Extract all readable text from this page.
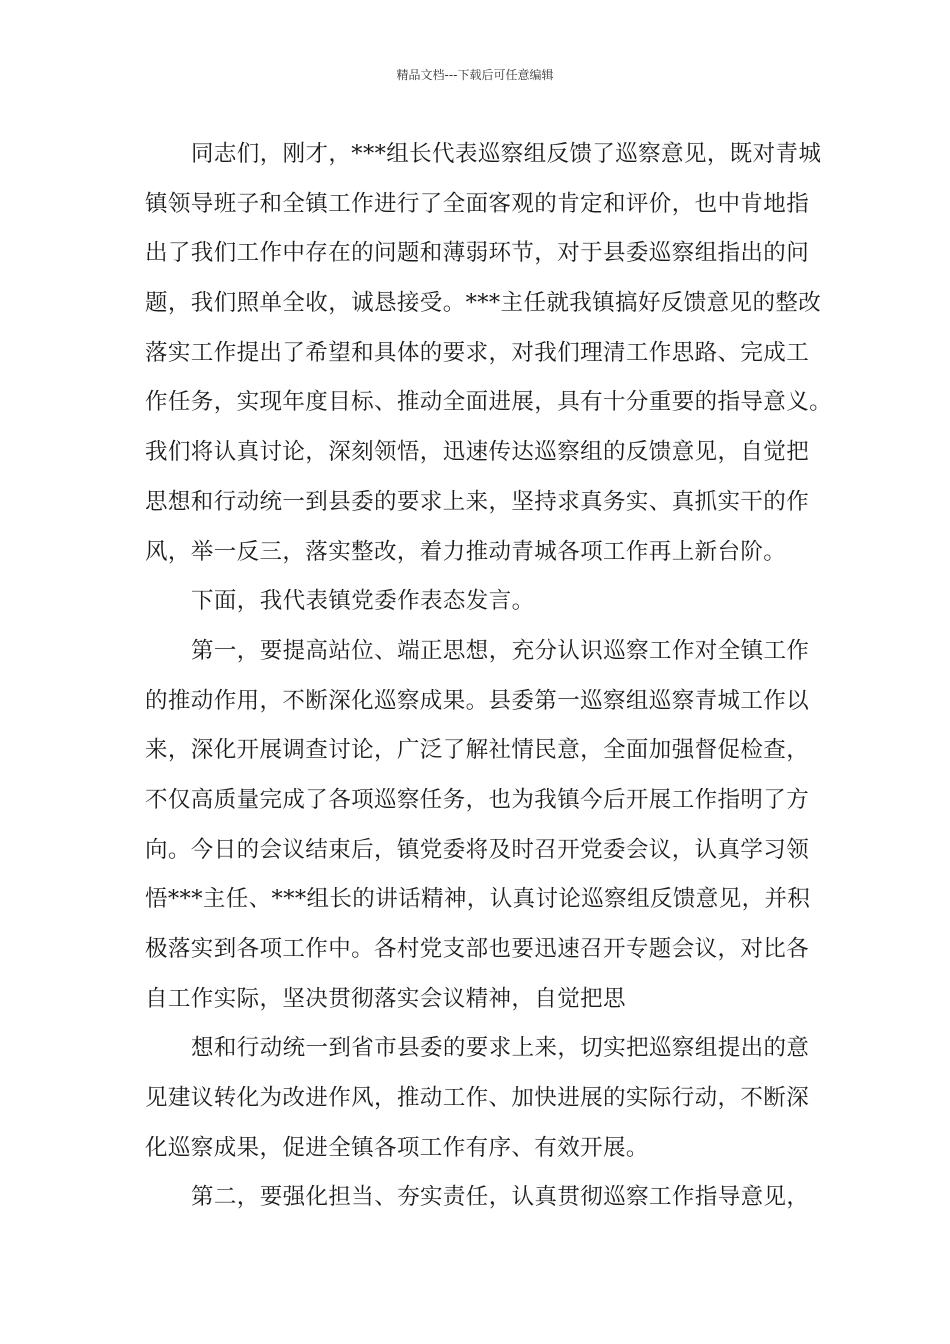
精品文档---下载后可任意编辑
同志们，刚才，***组长代表巡察组反馈了巡察意见，既对青城
镇领导班子和全镇工作进行了全面客观的肯定和评价，也中肯地指
出了我们工作中存在的问题和薄弱环节，对于县委巡察组指出的问
题，我们照单全收，诚恳接受。***主任就我镇搞好反馈意见的整改
落实工作提出了希望和具体的要求，对我们理清工作思路、完成工
作任务，实现年度目标、推动全面进展，具有十分重要的指导意义。
我们将认真讨论，深刻领悟，迅速传达巡察组的反馈意见，自觉把
思想和行动统一到县委的要求上来，坚持求真务实、真抓实干的作
风，举一反三，落实整改，着力推动青城各项工作再上新台阶。
下面，我代表镇党委作表态发言。
第一，要提高站位、端正思想，充分认识巡察工作对全镇工作
的推动作用，不断深化巡察成果。县委第一巡察组巡察青城工作以
来，深化开展调查讨论，广泛了解社情民意，全面加强督促检查，
不仅高质量完成了各项巡察任务，也为我镇今后开展工作指明了方
向。今日的会议结束后，镇党委将及时召开党委会议，认真学习领
悟***主任、***组长的讲话精神，认真讨论巡察组反馈意见，并积
极落实到各项工作中。各村党支部也要迅速召开专题会议，对比各
自工作实际，坚决贯彻落实会议精神，自觉把思
想和行动统一到省市县委的要求上来，切实把巡察组提出的意
见建议转化为改进作风，推动工作、加快进展的实际行动，不断深
化巡察成果，促进全镇各项工作有序、有效开展。
第二，要强化担当、夯实责任，认真贯彻巡察工作指导意见，
